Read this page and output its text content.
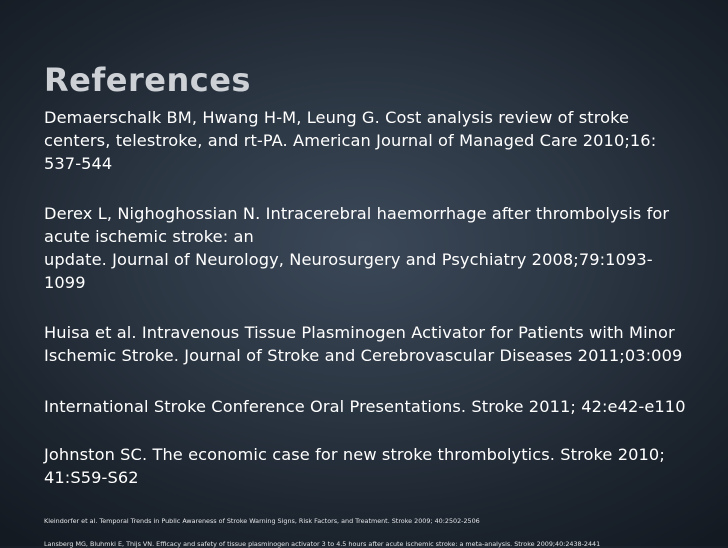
References

Demaerschalk BM, Hwang H-M, Leung G. Cost analysis review of stroke
centers, telestroke, and rt-PA. American Journal of Managed Care 2010;16:
537-544

Derex L, Nighoghossian N. Intracerebral haemorrhage after thrombolysis for
acute ischemic stroke: an
update. Journal of Neurology, Neurosurgery and Psychiatry 2008;79:1093-
1099

Huisa et al. Intravenous Tissue Plasminogen Activator for Patients with Minor
Ischemic Stroke. Journal of Stroke and Cerebrovascular Diseases 2011;03:009

International Stroke Conference Oral Presentations. Stroke 2011; 42:e42-e110

Johnston SC. The economic case for new stroke thrombolytics. Stroke 2010;
41:S59-S62

Kleindorfer et al. Temporal Trends in Public Awareness of Stroke Warning Signs, Risk Factors, and Treatment. Stroke 2009; 40:2502-2506

Lansberg MG, Bluhmki E, Thijs VN. Efficacy and safety of tissue plasminogen activator 3 to 4.5 hours after acute ischemic stroke: a meta-analysis. Stroke 2009;40:2438-2441
